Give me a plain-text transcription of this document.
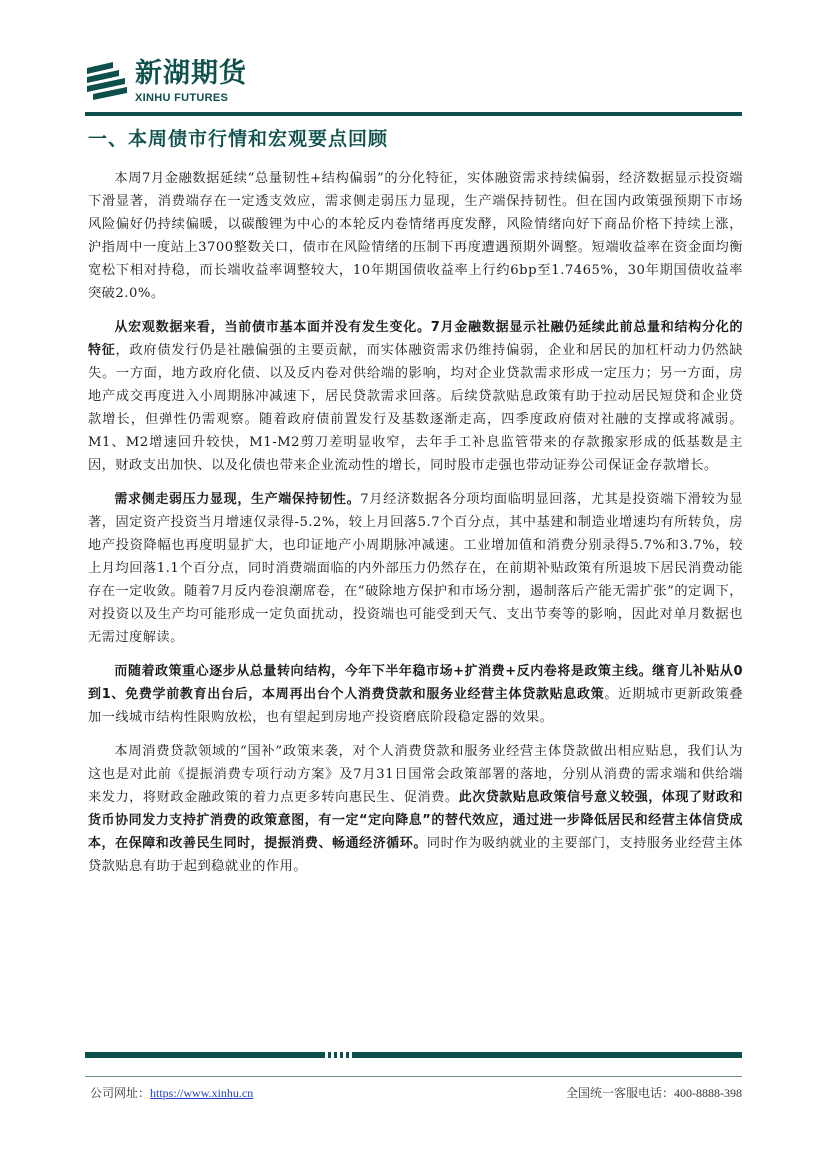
新湖期货
XINHU FUTURES
一、本周债市行情和宏观要点回顾

本周7月金融数据延续“总量韧性+结构偏弱”的分化特征，实体融资需求持续偏弱，经济数据显示投资端下滑显著，消费端存在一定透支效应，需求侧走弱压力显现，生产端保持韧性。但在国内政策强预期下市场风险偏好仍持续偏暖，以碳酸锂为中心的本轮反内卷情绪再度发酵，风险情绪向好下商品价格下持续上涨，沪指周中一度站上3700整数关口，债市在风险情绪的压制下再度遭遇预期外调整。短端收益率在资金面均衡宽松下相对持稳，而长端收益率调整较大，10年期国债收益率上行约6bp至1.7465%，30年期国债收益率突破2.0%。

从宏观数据来看，当前债市基本面并没有发生变化。7月金融数据显示社融仍延续此前总量和结构分化的特征，政府债发行仍是社融偏强的主要贡献，而实体融资需求仍维持偏弱，企业和居民的加杠杆动力仍然缺失。一方面，地方政府化债、以及反内卷对供给端的影响，均对企业贷款需求形成一定压力；另一方面，房地产成交再度进入小周期脉冲减速下，居民贷款需求回落。后续贷款贴息政策有助于拉动居民短贷和企业贷款增长，但弹性仍需观察。随着政府债前置发行及基数逐渐走高，四季度政府债对社融的支撑或将减弱。M1、M2增速回升较快，M1-M2剪刀差明显收窄，去年手工补息监管带来的存款搬家形成的低基数是主因，财政支出加快、以及化债也带来企业流动性的增长，同时股市走强也带动证券公司保证金存款增长。

需求侧走弱压力显现，生产端保持韧性。7月经济数据各分项均面临明显回落，尤其是投资端下滑较为显著，固定资产投资当月增速仅录得-5.2%，较上月回落5.7个百分点，其中基建和制造业增速均有所转负，房地产投资降幅也再度明显扩大，也印证地产小周期脉冲减速。工业增加值和消费分别录得5.7%和3.7%，较上月均回落1.1个百分点，同时消费端面临的内外部压力仍然存在，在前期补贴政策有所退坡下居民消费动能存在一定收敛。随着7月反内卷浪潮席卷，在“破除地方保护和市场分割，遏制落后产能无需扩张”的定调下，对投资以及生产均可能形成一定负面扰动，投资端也可能受到天气、支出节奏等的影响，因此对单月数据也无需过度解读。

而随着政策重心逐步从总量转向结构，今年下半年稳市场+扩消费+反内卷将是政策主线。继育儿补贴从0到1、免费学前教育出台后，本周再出台个人消费贷款和服务业经营主体贷款贴息政策。近期城市更新政策叠加一线城市结构性限购放松，也有望起到房地产投资磨底阶段稳定器的效果。

本周消费贷款领域的“国补”政策来袭，对个人消费贷款和服务业经营主体贷款做出相应贴息，我们认为这也是对此前《提振消费专项行动方案》及7月31日国常会政策部署的落地，分别从消费的需求端和供给端来发力，将财政金融政策的着力点更多转向惠民生、促消费。此次贷款贴息政策信号意义较强，体现了财政和货币协同发力支持扩消费的政策意图，有一定“定向降息”的替代效应，通过进一步降低居民和经营主体信贷成本，在保障和改善民生同时，提振消费、畅通经济循环。同时作为吸纳就业的主要部门，支持服务业经营主体贷款贴息有助于起到稳就业的作用。

公司网址：https://www.xinhu.cn	全国统一客服电话：400-8888-398
